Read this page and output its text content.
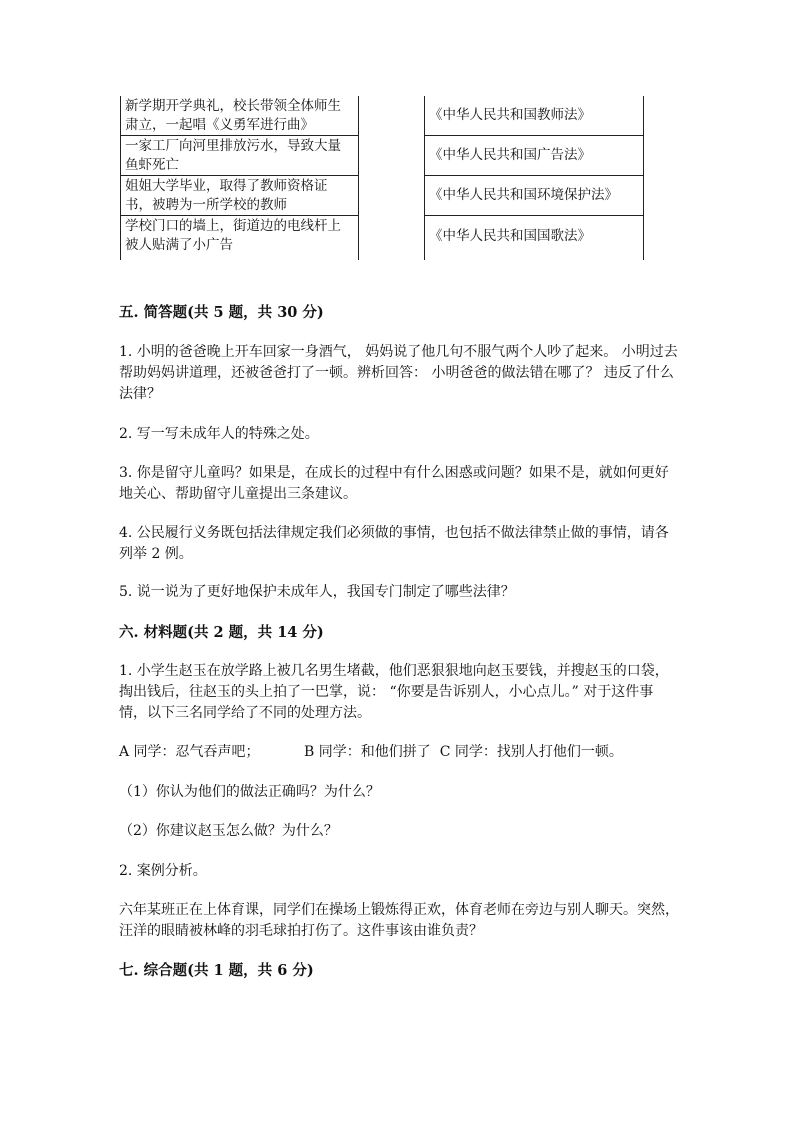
新学期开学典礼，校长带领全体师生肃立，一起唱《义勇军进行曲》
一家工厂向河里排放污水，导致大量鱼虾死亡
姐姐大学毕业，取得了教师资格证书，被聘为一所学校的教师
学校门口的墙上，街道边的电线杆上被人贴满了小广告
《中华人民共和国教师法》
《中华人民共和国广告法》
《中华人民共和国环境保护法》
《中华人民共和国国歌法》
五. 简答题(共 5 题，共 30 分)
1. 小明的爸爸晚上开车回家一身酒气， 妈妈说了他几句不服气两个人吵了起来。 小明过去帮助妈妈讲道理，还被爸爸打了一顿。辨析回答： 小明爸爸的做法错在哪了？ 违反了什么法律？
2. 写一写未成年人的特殊之处。
3. 你是留守儿童吗？如果是，在成长的过程中有什么困惑或问题？如果不是，就如何更好地关心、帮助留守儿童提出三条建议。
4. 公民履行义务既包括法律规定我们必须做的事情，也包括不做法律禁止做的事情，请各列举 2 例。
5. 说一说为了更好地保护未成年人，我国专门制定了哪些法律？
六. 材料题(共 2 题，共 14 分)
1. 小学生赵玉在放学路上被几名男生堵截，他们恶狠狠地向赵玉要钱，并搜赵玉的口袋，掏出钱后，往赵玉的头上拍了一巴掌，说： “你要是告诉别人，小心点儿。” 对于这件事情，以下三名同学给了不同的处理方法。
A 同学：忍气吞声吧；          B 同学：和他们拼了  C 同学：找别人打他们一顿。
（1）你认为他们的做法正确吗？为什么？
（2）你建议赵玉怎么做？为什么？
2. 案例分析。
六年某班正在上体育课，同学们在操场上锻炼得正欢，体育老师在旁边与别人聊天。突然，汪洋的眼睛被林峰的羽毛球拍打伤了。这件事该由谁负责？
七. 综合题(共 1 题，共 6 分)
